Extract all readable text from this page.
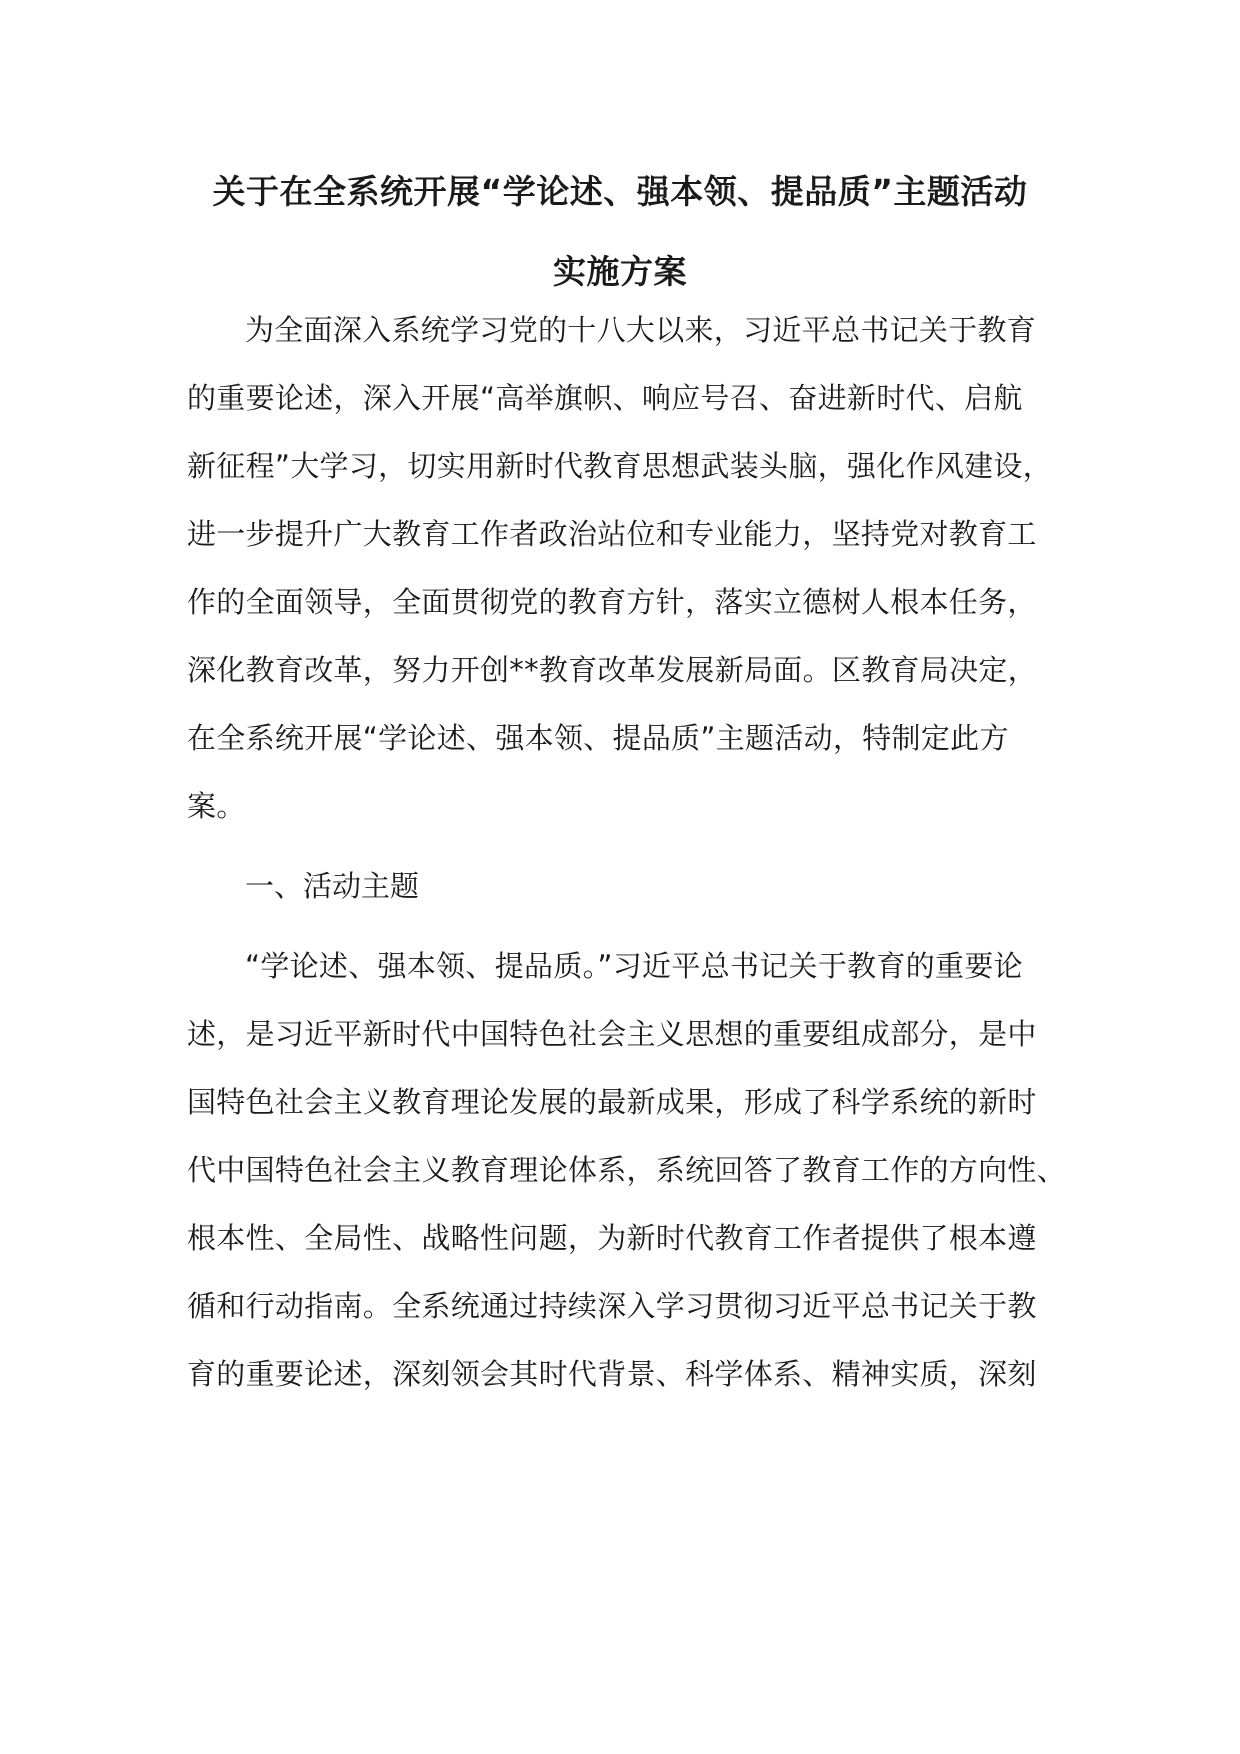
关于在全系统开展“学论述、强本领、提品质”主题活动
实施方案
为全面深入系统学习党的十八大以来，习近平总书记关于教育
的重要论述，深入开展“高举旗帜、响应号召、奋进新时代、启航
新征程”大学习，切实用新时代教育思想武装头脑，强化作风建设，
进一步提升广大教育工作者政治站位和专业能力，坚持党对教育工
作的全面领导，全面贯彻党的教育方针，落实立德树人根本任务，
深化教育改革，努力开创**教育改革发展新局面。区教育局决定，
在全系统开展“学论述、强本领、提品质”主题活动，特制定此方
案。
一、活动主题
“学论述、强本领、提品质。”习近平总书记关于教育的重要论
述，是习近平新时代中国特色社会主义思想的重要组成部分，是中
国特色社会主义教育理论发展的最新成果，形成了科学系统的新时
代中国特色社会主义教育理论体系，系统回答了教育工作的方向性、
根本性、全局性、战略性问题，为新时代教育工作者提供了根本遵
循和行动指南。全系统通过持续深入学习贯彻习近平总书记关于教
育的重要论述，深刻领会其时代背景、科学体系、精神实质，深刻
